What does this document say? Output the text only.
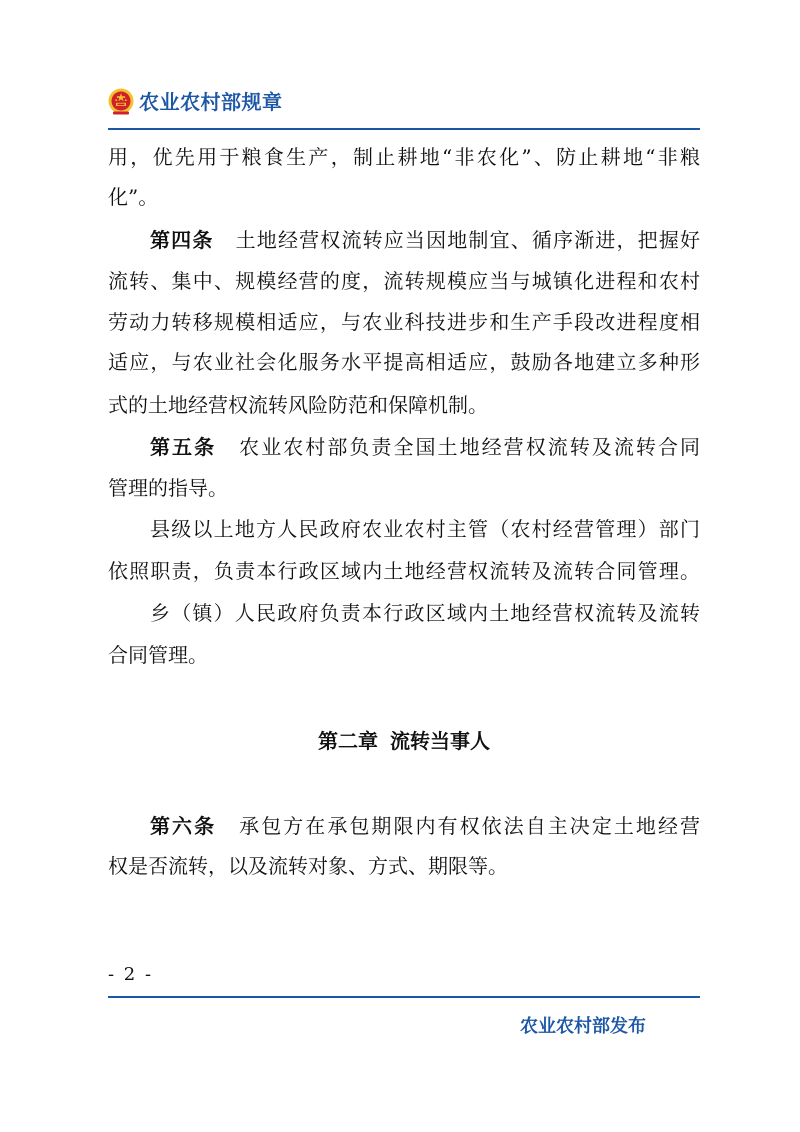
农业农村部规章
用，优先用于粮食生产，制止耕地“非农化”、防止耕地“非粮
化”。
第四条 土地经营权流转应当因地制宜、循序渐进，把握好
流转、集中、规模经营的度，流转规模应当与城镇化进程和农村
劳动力转移规模相适应，与农业科技进步和生产手段改进程度相
适应，与农业社会化服务水平提高相适应，鼓励各地建立多种形
式的土地经营权流转风险防范和保障机制。
第五条 农业农村部负责全国土地经营权流转及流转合同
管理的指导。
县级以上地方人民政府农业农村主管（农村经营管理）部门
依照职责，负责本行政区域内土地经营权流转及流转合同管理。
乡（镇）人民政府负责本行政区域内土地经营权流转及流转
合同管理。
第二章 流转当事人
第六条 承包方在承包期限内有权依法自主决定土地经营
权是否流转，以及流转对象、方式、期限等。
- 2 -
农业农村部发布
